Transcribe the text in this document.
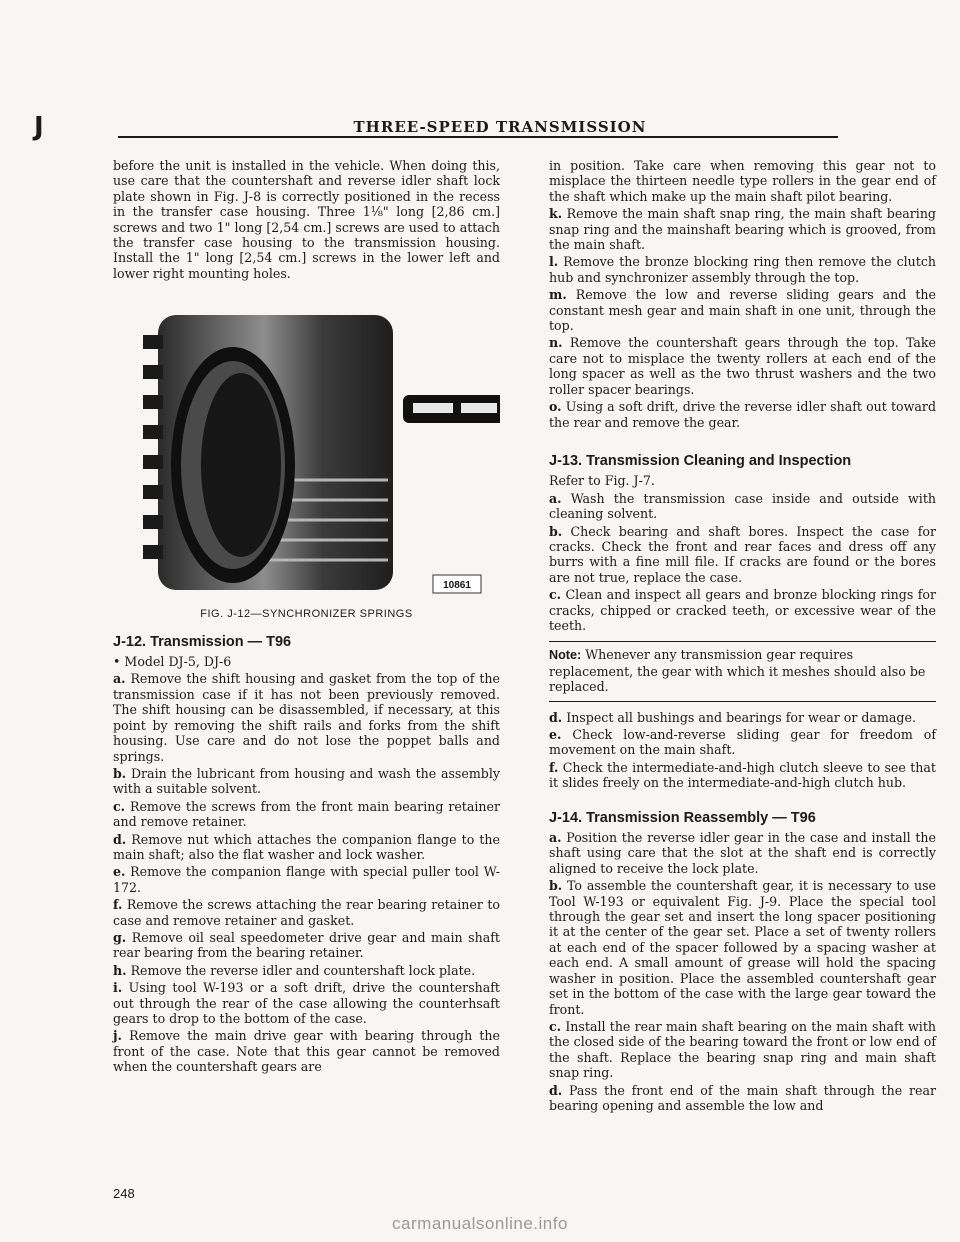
J	THREE-SPEED TRANSMISSION

before the unit is installed in the vehicle. When doing this, use care that the countershaft and reverse idler shaft lock plate shown in Fig. J-8 is correctly positioned in the recess in the transfer case housing. Three 1⅛" long [2,86 cm.] screws and two 1" long [2,54 cm.] screws are used to attach the transfer case housing to the transmission housing. Install the 1" long [2,54 cm.] screws in the lower left and lower right mounting holes.

10861
FIG. J-12—SYNCHRONIZER SPRINGS
J-12. Transmission — T96

• Model DJ-5, DJ-6

a. Remove the shift housing and gasket from the top of the transmission case if it has not been previously removed. The shift housing can be disassembled, if necessary, at this point by removing the shift rails and forks from the shift housing. Use care and do not lose the poppet balls and springs.

b. Drain the lubricant from housing and wash the assembly with a suitable solvent.

c. Remove the screws from the front main bearing retainer and remove retainer.

d. Remove nut which attaches the companion flange to the main shaft; also the flat washer and lock washer.

e. Remove the companion flange with special puller tool W-172.

f. Remove the screws attaching the rear bearing retainer to case and remove retainer and gasket.

g. Remove oil seal speedometer drive gear and main shaft rear bearing from the bearing retainer.

h. Remove the reverse idler and countershaft lock plate.

i. Using tool W-193 or a soft drift, drive the countershaft out through the rear of the case allowing the counterhsaft gears to drop to the bottom of the case.

j. Remove the main drive gear with bearing through the front of the case. Note that this gear cannot be removed when the countershaft gears are

in position. Take care when removing this gear not to misplace the thirteen needle type rollers in the gear end of the shaft which make up the main shaft pilot bearing.

k. Remove the main shaft snap ring, the main shaft bearing snap ring and the mainshaft bearing which is grooved, from the main shaft.

l. Remove the bronze blocking ring then remove the clutch hub and synchronizer assembly through the top.

m. Remove the low and reverse sliding gears and the constant mesh gear and main shaft in one unit, through the top.

n. Remove the countershaft gears through the top. Take care not to misplace the twenty rollers at each end of the long spacer as well as the two thrust washers and the two roller spacer bearings.

o. Using a soft drift, drive the reverse idler shaft out toward the rear and remove the gear.

J-13. Transmission Cleaning and Inspection

Refer to Fig. J-7.

a. Wash the transmission case inside and outside with cleaning solvent.

b. Check bearing and shaft bores. Inspect the case for cracks. Check the front and rear faces and dress off any burrs with a fine mill file. If cracks are found or the bores are not true, replace the case.

c. Clean and inspect all gears and bronze blocking rings for cracks, chipped or cracked teeth, or excessive wear of the teeth.

Note: Whenever any transmission gear requires replacement, the gear with which it meshes should also be replaced.

d. Inspect all bushings and bearings for wear or damage.

e. Check low-and-reverse sliding gear for freedom of movement on the main shaft.

f. Check the intermediate-and-high clutch sleeve to see that it slides freely on the intermediate-and-high clutch hub.

J-14. Transmission Reassembly — T96

a. Position the reverse idler gear in the case and install the shaft using care that the slot at the shaft end is correctly aligned to receive the lock plate.

b. To assemble the countershaft gear, it is necessary to use Tool W-193 or equivalent Fig. J-9. Place the special tool through the gear set and insert the long spacer positioning it at the center of the gear set. Place a set of twenty rollers at each end of the spacer followed by a spacing washer at each end. A small amount of grease will hold the spacing washer in position. Place the assembled countershaft gear set in the bottom of the case with the large gear toward the front.

c. Install the rear main shaft bearing on the main shaft with the closed side of the bearing toward the front or low end of the shaft. Replace the bearing snap ring and main shaft snap ring.

d. Pass the front end of the main shaft through the rear bearing opening and assemble the low and

248
carmanualsonline.info
